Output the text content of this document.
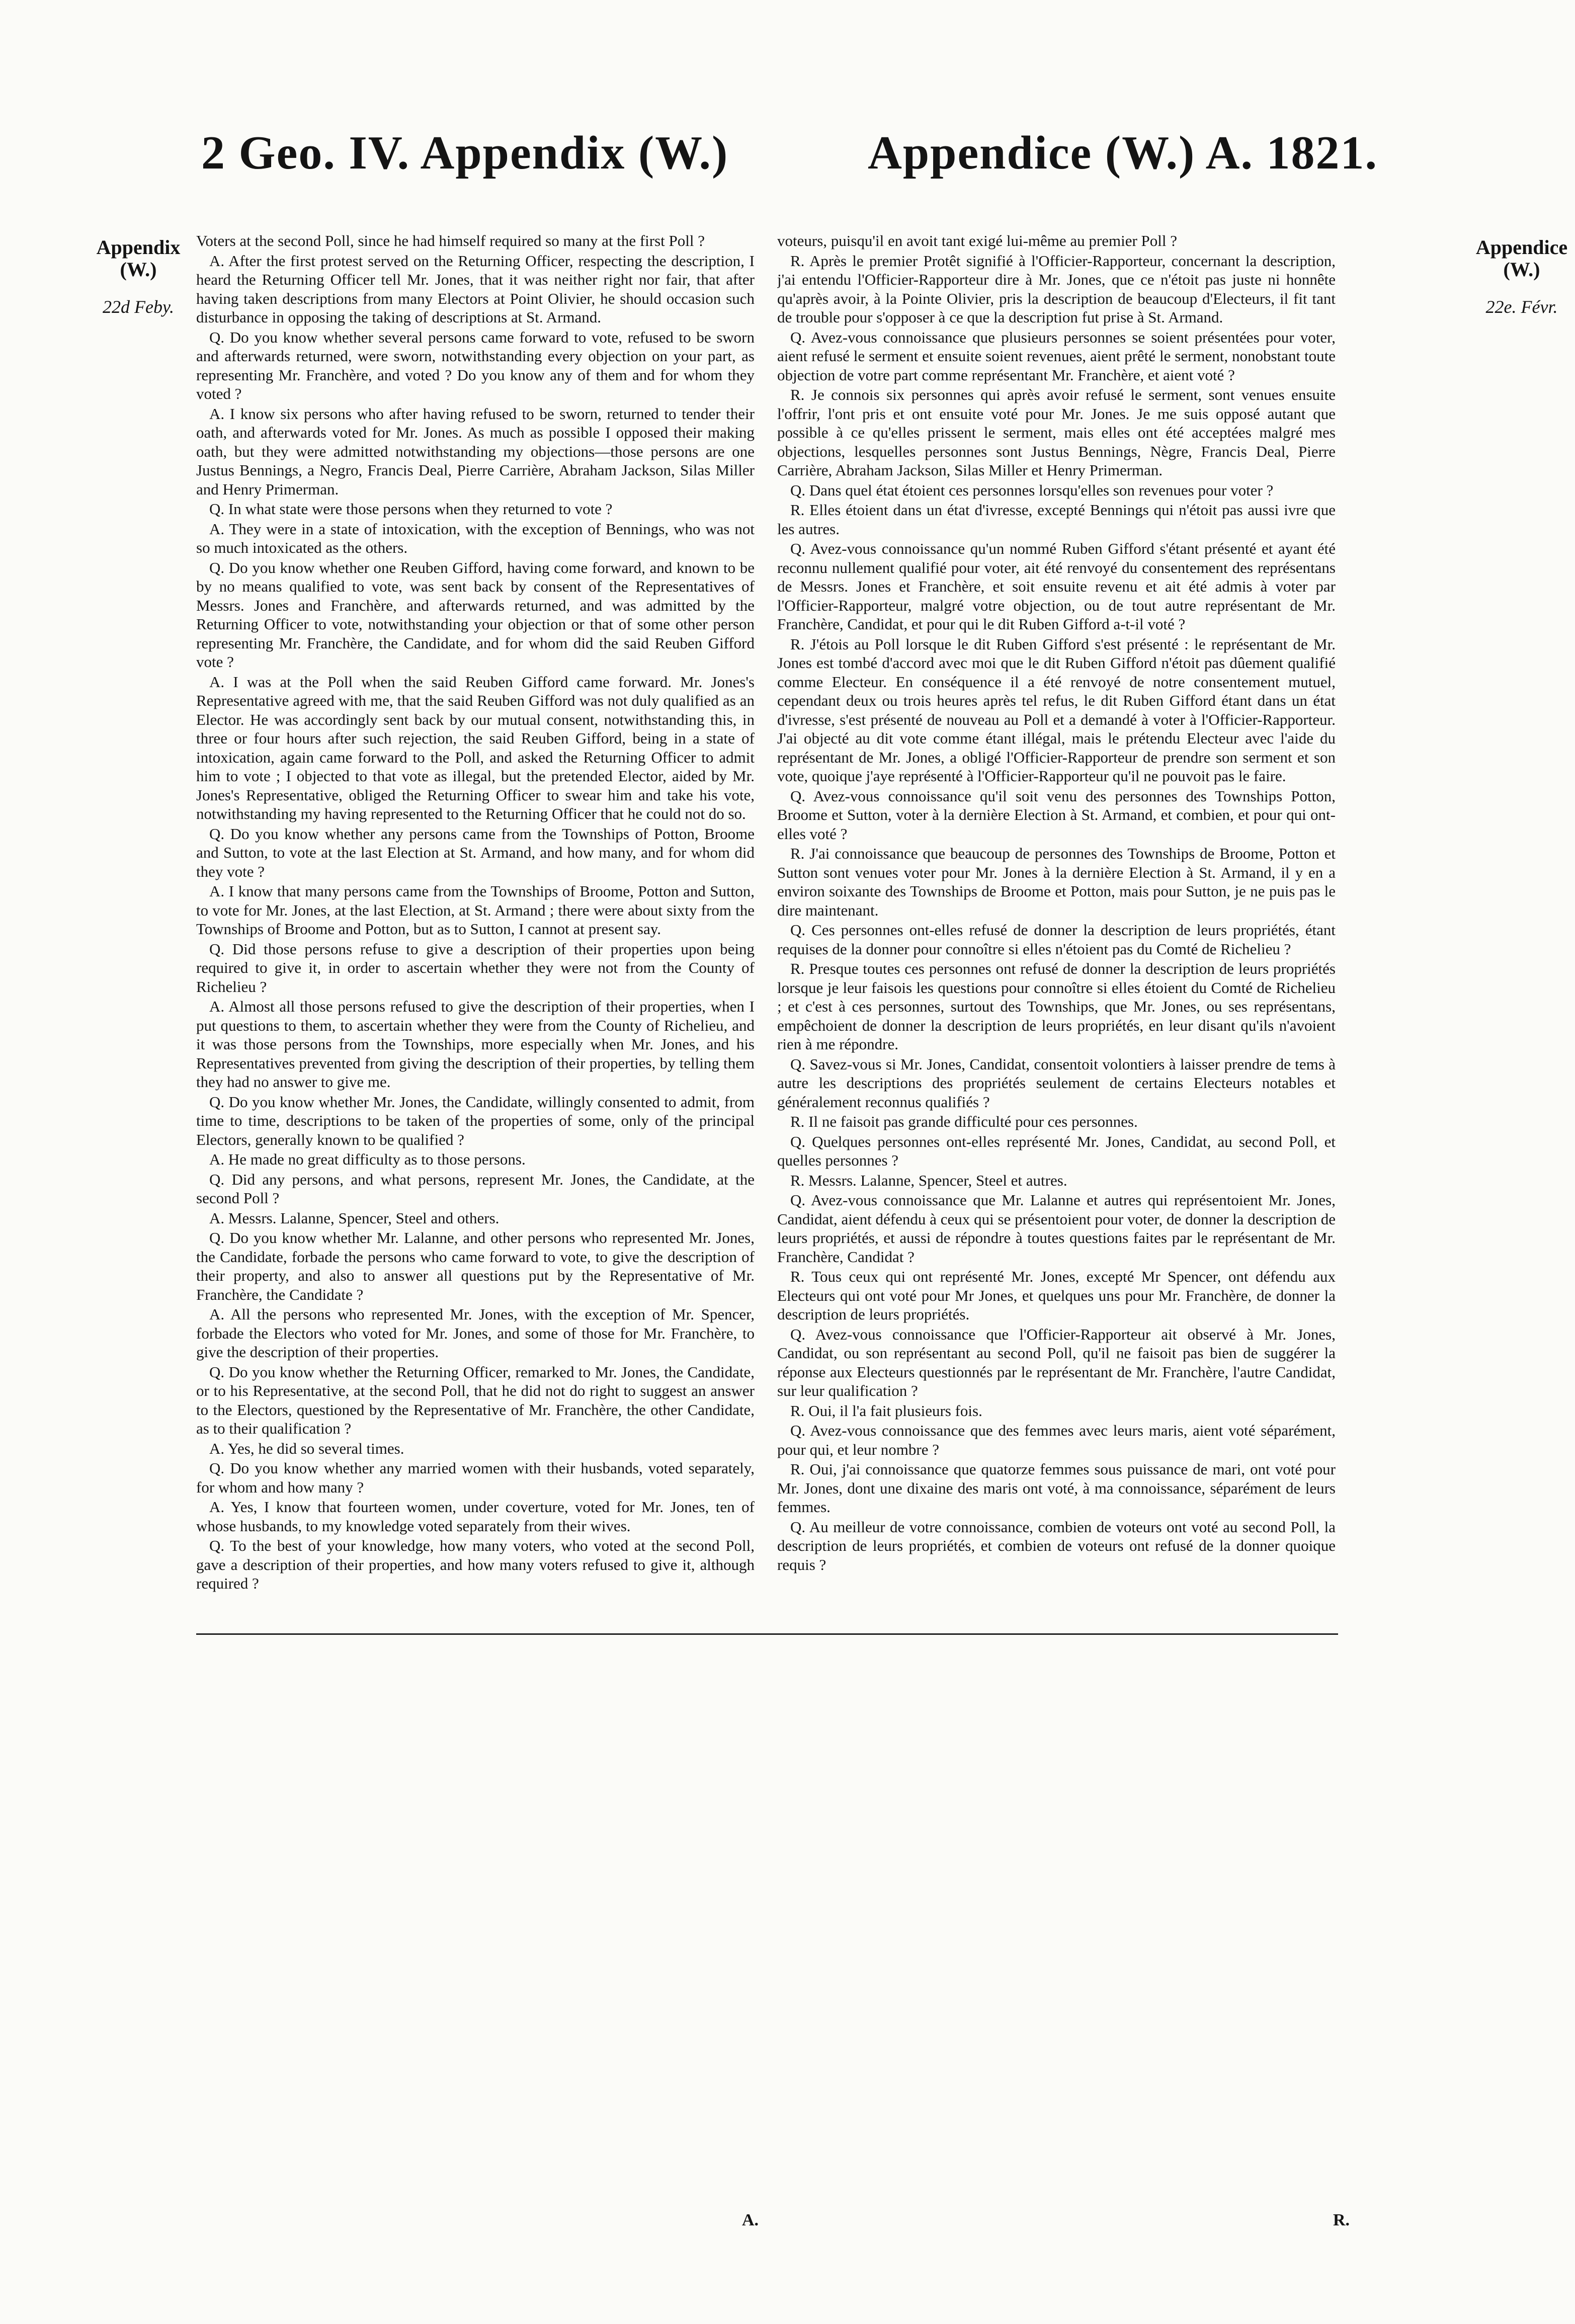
2 Geo. IV. Appendix (W.)	Appendice (W.) A. 1821.
Appendix
(W.)
22d Feby.
Appendice
(W.)
22e. Févr.

Voters at the second Poll, since he had himself required so many at the first Poll ?

A. After the first protest served on the Returning Officer, respecting the description, I heard the Returning Officer tell Mr. Jones, that it was neither right nor fair, that after having taken descriptions from many Electors at Point Olivier, he should occasion such disturbance in opposing the taking of descriptions at St. Armand.

Q. Do you know whether several persons came forward to vote, refused to be sworn and afterwards returned, were sworn, notwithstanding every objection on your part, as representing Mr. Franchère, and voted ? Do you know any of them and for whom they voted ?

A. I know six persons who after having refused to be sworn, returned to tender their oath, and afterwards voted for Mr. Jones. As much as possible I opposed their making oath, but they were admitted notwithstanding my objections—those persons are one Justus Bennings, a Negro, Francis Deal, Pierre Carrière, Abraham Jackson, Silas Miller and Henry Primerman.

Q. In what state were those persons when they returned to vote ?

A. They were in a state of intoxication, with the exception of Bennings, who was not so much intoxicated as the others.

Q. Do you know whether one Reuben Gifford, having come forward, and known to be by no means qualified to vote, was sent back by consent of the Representatives of Messrs. Jones and Franchère, and afterwards returned, and was admitted by the Returning Officer to vote, notwithstanding your objection or that of some other person representing Mr. Franchère, the Candidate, and for whom did the said Reuben Gifford vote ?

A. I was at the Poll when the said Reuben Gifford came forward. Mr. Jones's Representative agreed with me, that the said Reuben Gifford was not duly qualified as an Elector. He was accordingly sent back by our mutual consent, notwithstanding this, in three or four hours after such rejection, the said Reuben Gifford, being in a state of intoxication, again came forward to the Poll, and asked the Returning Officer to admit him to vote ; I objected to that vote as illegal, but the pretended Elector, aided by Mr. Jones's Representative, obliged the Returning Officer to swear him and take his vote, notwithstanding my having represented to the Returning Officer that he could not do so.

Q. Do you know whether any persons came from the Townships of Potton, Broome and Sutton, to vote at the last Election at St. Armand, and how many, and for whom did they vote ?

A. I know that many persons came from the Townships of Broome, Potton and Sutton, to vote for Mr. Jones, at the last Election, at St. Armand ; there were about sixty from the Townships of Broome and Potton, but as to Sutton, I cannot at present say.

Q. Did those persons refuse to give a description of their properties upon being required to give it, in order to ascertain whether they were not from the County of Richelieu ?

A. Almost all those persons refused to give the description of their properties, when I put questions to them, to ascertain whether they were from the County of Richelieu, and it was those persons from the Townships, more especially when Mr. Jones, and his Representatives prevented from giving the description of their properties, by telling them they had no answer to give me.

Q. Do you know whether Mr. Jones, the Candidate, willingly consented to admit, from time to time, descriptions to be taken of the properties of some, only of the principal Electors, generally known to be qualified ?

A. He made no great difficulty as to those persons.

Q. Did any persons, and what persons, represent Mr. Jones, the Candidate, at the second Poll ?

A. Messrs. Lalanne, Spencer, Steel and others.

Q. Do you know whether Mr. Lalanne, and other persons who represented Mr. Jones, the Candidate, forbade the persons who came forward to vote, to give the description of their property, and also to answer all questions put by the Representative of Mr. Franchère, the Candidate ?

A. All the persons who represented Mr. Jones, with the exception of Mr. Spencer, forbade the Electors who voted for Mr. Jones, and some of those for Mr. Franchère, to give the description of their properties.

Q. Do you know whether the Returning Officer, remarked to Mr. Jones, the Candidate, or to his Representative, at the second Poll, that he did not do right to suggest an answer to the Electors, questioned by the Representative of Mr. Franchère, the other Candidate, as to their qualification ?

A. Yes, he did so several times.

Q. Do you know whether any married women with their husbands, voted separately, for whom and how many ?

A. Yes, I know that fourteen women, under coverture, voted for Mr. Jones, ten of whose husbands, to my knowledge voted separately from their wives.

Q. To the best of your knowledge, how many voters, who voted at the second Poll, gave a description of their properties, and how many voters refused to give it, although required ?

voteurs, puisqu'il en avoit tant exigé lui-même au premier Poll ?

R. Après le premier Protêt signifié à l'Officier-Rapporteur, concernant la description, j'ai entendu l'Officier-Rapporteur dire à Mr. Jones, que ce n'étoit pas juste ni honnête qu'après avoir, à la Pointe Olivier, pris la description de beaucoup d'Electeurs, il fit tant de trouble pour s'opposer à ce que la description fut prise à St. Armand.

Q. Avez-vous connoissance que plusieurs personnes se soient présentées pour voter, aient refusé le serment et ensuite soient revenues, aient prêté le serment, nonobstant toute objection de votre part comme représentant Mr. Franchère, et aient voté ?

R. Je connois six personnes qui après avoir refusé le serment, sont venues ensuite l'offrir, l'ont pris et ont ensuite voté pour Mr. Jones. Je me suis opposé autant que possible à ce qu'elles prissent le serment, mais elles ont été acceptées malgré mes objections, lesquelles personnes sont Justus Bennings, Nègre, Francis Deal, Pierre Carrière, Abraham Jackson, Silas Miller et Henry Primerman.

Q. Dans quel état étoient ces personnes lorsqu'elles son revenues pour voter ?

R. Elles étoient dans un état d'ivresse, excepté Bennings qui n'étoit pas aussi ivre que les autres.

Q. Avez-vous connoissance qu'un nommé Ruben Gifford s'étant présenté et ayant été reconnu nullement qualifié pour voter, ait été renvoyé du consentement des représentans de Messrs. Jones et Franchère, et soit ensuite revenu et ait été admis à voter par l'Officier-Rapporteur, malgré votre objection, ou de tout autre représentant de Mr. Franchère, Candidat, et pour qui le dit Ruben Gifford a-t-il voté ?

R. J'étois au Poll lorsque le dit Ruben Gifford s'est présenté : le représentant de Mr. Jones est tombé d'accord avec moi que le dit Ruben Gifford n'étoit pas dûement qualifié comme Electeur. En conséquence il a été renvoyé de notre consentement mutuel, cependant deux ou trois heures après tel refus, le dit Ruben Gifford étant dans un état d'ivresse, s'est présenté de nouveau au Poll et a demandé à voter à l'Officier-Rapporteur. J'ai objecté au dit vote comme étant illégal, mais le prétendu Electeur avec l'aide du représentant de Mr. Jones, a obligé l'Officier-Rapporteur de prendre son serment et son vote, quoique j'aye représenté à l'Officier-Rapporteur qu'il ne pouvoit pas le faire.

Q. Avez-vous connoissance qu'il soit venu des personnes des Townships Potton, Broome et Sutton, voter à la dernière Election à St. Armand, et combien, et pour qui ont-elles voté ?

R. J'ai connoissance que beaucoup de personnes des Townships de Broome, Potton et Sutton sont venues voter pour Mr. Jones à la dernière Election à St. Armand, il y en a environ soixante des Townships de Broome et Potton, mais pour Sutton, je ne puis pas le dire maintenant.

Q. Ces personnes ont-elles refusé de donner la description de leurs propriétés, étant requises de la donner pour connoître si elles n'étoient pas du Comté de Richelieu ?

R. Presque toutes ces personnes ont refusé de donner la description de leurs propriétés lorsque je leur faisois les questions pour connoître si elles étoient du Comté de Richelieu ; et c'est à ces personnes, surtout des Townships, que Mr. Jones, ou ses représentans, empêchoient de donner la description de leurs propriétés, en leur disant qu'ils n'avoient rien à me répondre.

Q. Savez-vous si Mr. Jones, Candidat, consentoit volontiers à laisser prendre de tems à autre les descriptions des propriétés seulement de certains Electeurs notables et généralement reconnus qualifiés ?

R. Il ne faisoit pas grande difficulté pour ces personnes.

Q. Quelques personnes ont-elles représenté Mr. Jones, Candidat, au second Poll, et quelles personnes ?

R. Messrs. Lalanne, Spencer, Steel et autres.

Q. Avez-vous connoissance que Mr. Lalanne et autres qui représentoient Mr. Jones, Candidat, aient défendu à ceux qui se présentoient pour voter, de donner la description de leurs propriétés, et aussi de répondre à toutes questions faites par le représentant de Mr. Franchère, Candidat ?

R. Tous ceux qui ont représenté Mr. Jones, excepté Mr Spencer, ont défendu aux Electeurs qui ont voté pour Mr Jones, et quelques uns pour Mr. Franchère, de donner la description de leurs propriétés.

Q. Avez-vous connoissance que l'Officier-Rapporteur ait observé à Mr. Jones, Candidat, ou son représentant au second Poll, qu'il ne faisoit pas bien de suggérer la réponse aux Electeurs questionnés par le représentant de Mr. Franchère, l'autre Candidat, sur leur qualification ?

R. Oui, il l'a fait plusieurs fois.

Q. Avez-vous connoissance que des femmes avec leurs maris, aient voté séparément, pour qui, et leur nombre ?

R. Oui, j'ai connoissance que quatorze femmes sous puissance de mari, ont voté pour Mr. Jones, dont une dixaine des maris ont voté, à ma connoissance, séparément de leurs femmes.

Q. Au meilleur de votre connoissance, combien de voteurs ont voté au second Poll, la description de leurs propriétés, et combien de voteurs ont refusé de la donner quoique requis ?

A.	R.
